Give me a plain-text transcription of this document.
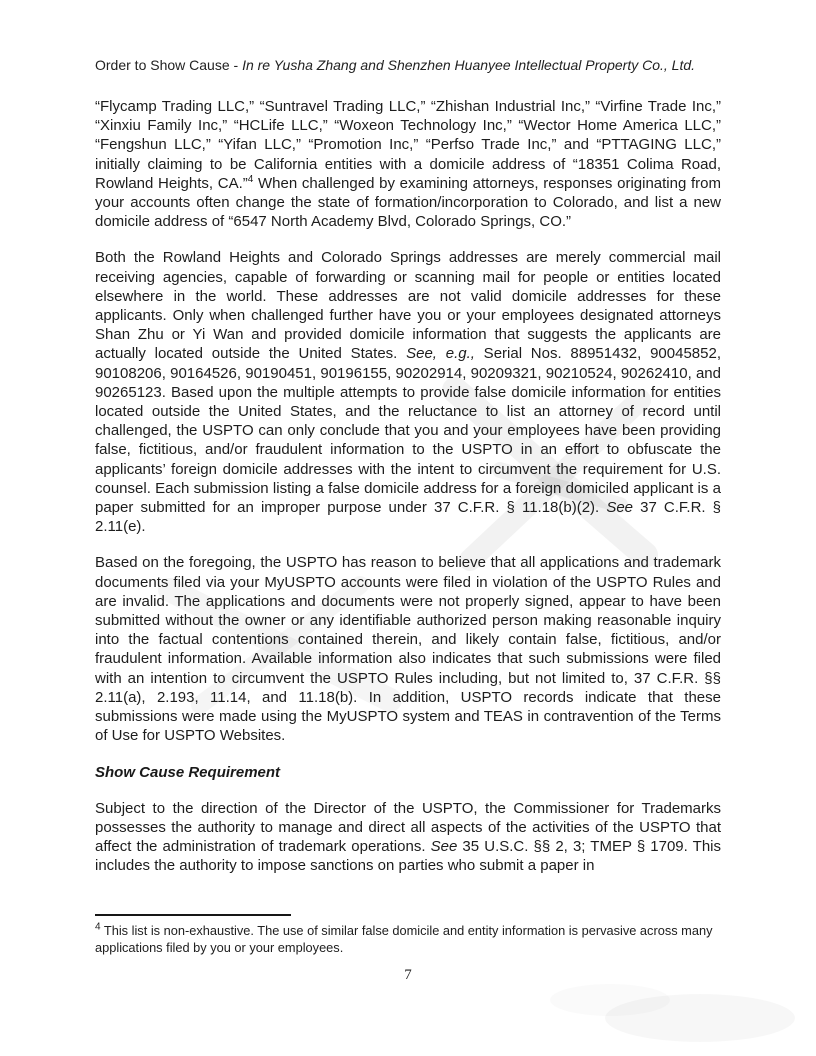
Order to Show Cause - In re Yusha Zhang and Shenzhen Huanyee Intellectual Property Co., Ltd.

“Flycamp Trading LLC,” “Suntravel Trading LLC,” “Zhishan Industrial Inc,” “Virfine Trade Inc,” “Xinxiu Family Inc,” “HCLife LLC,” “Woxeon Technology Inc,” “Wector Home America LLC,” “Fengshun LLC,” “Yifan LLC,” “Promotion Inc,” “Perfso Trade Inc,” and “PTTAGING LLC,” initially claiming to be California entities with a domicile address of “18351 Colima Road, Rowland Heights, CA.”$^4$ When challenged by examining attorneys, responses originating from your accounts often change the state of formation/incorporation to Colorado, and list a new domicile address of “6547 North Academy Blvd, Colorado Springs, CO.”

Both the Rowland Heights and Colorado Springs addresses are merely commercial mail receiving agencies, capable of forwarding or scanning mail for people or entities located elsewhere in the world. These addresses are not valid domicile addresses for these applicants. Only when challenged further have you or your employees designated attorneys Shan Zhu or Yi Wan and provided domicile information that suggests the applicants are actually located outside the United States. See, e.g., Serial Nos. 88951432, 90045852, 90108206, 90164526, 90190451, 90196155, 90202914, 90209321, 90210524, 90262410, and 90265123. Based upon the multiple attempts to provide false domicile information for entities located outside the United States, and the reluctance to list an attorney of record until challenged, the USPTO can only conclude that you and your employees have been providing false, fictitious, and/or fraudulent information to the USPTO in an effort to obfuscate the applicants’ foreign domicile addresses with the intent to circumvent the requirement for U.S. counsel. Each submission listing a false domicile address for a foreign domiciled applicant is a paper submitted for an improper purpose under 37 C.F.R. § 11.18(b)(2). See 37 C.F.R. § 2.11(e).

Based on the foregoing, the USPTO has reason to believe that all applications and trademark documents filed via your MyUSPTO accounts were filed in violation of the USPTO Rules and are invalid. The applications and documents were not properly signed, appear to have been submitted without the owner or any identifiable authorized person making reasonable inquiry into the factual contentions contained therein, and likely contain false, fictitious, and/or fraudulent information. Available information also indicates that such submissions were filed with an intention to circumvent the USPTO Rules including, but not limited to, 37 C.F.R. §§ 2.11(a), 2.193, 11.14, and 11.18(b). In addition, USPTO records indicate that these submissions were made using the MyUSPTO system and TEAS in contravention of the Terms of Use for USPTO Websites.

Show Cause Requirement

Subject to the direction of the Director of the USPTO, the Commissioner for Trademarks possesses the authority to manage and direct all aspects of the activities of the USPTO that affect the administration of trademark operations. See 35 U.S.C. §§ 2, 3; TMEP § 1709. This includes the authority to impose sanctions on parties who submit a paper in

$^4$ This list is non-exhaustive. The use of similar false domicile and entity information is pervasive across many applications filed by you or your employees.
7
